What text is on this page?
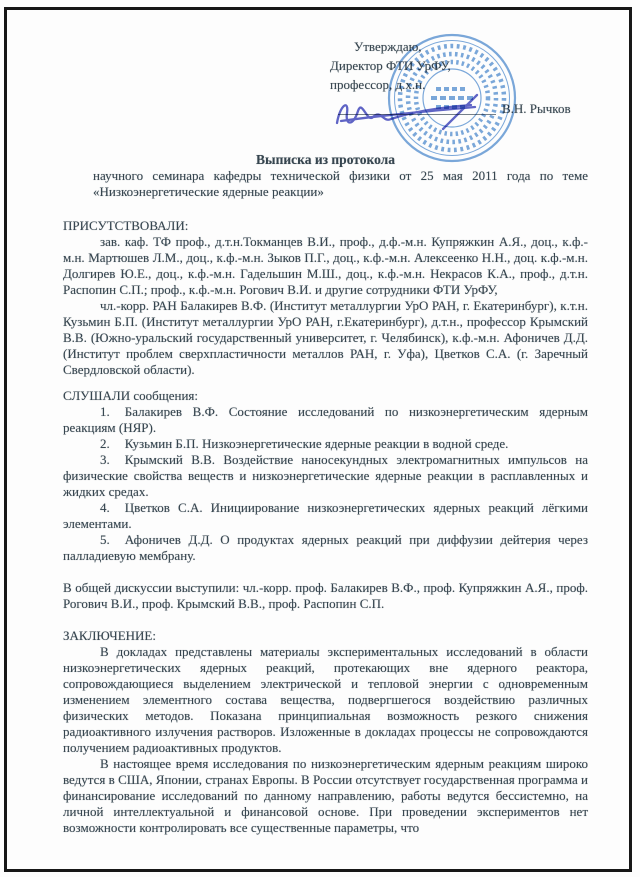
Утверждаю,
Директор ФТИ УрФУ,
профессор, д.х.н.
В.Н. Рычков

Выписка из протокола

научного семинара кафедры технической физики от 25 мая 2011 года по теме «Низкоэнергетические ядерные реакции»

ПРИСУТСТВОВАЛИ:

зав. каф. ТФ проф., д.т.н.Токманцев В.И., проф., д.ф.-м.н. Купряжкин А.Я., доц., к.ф.-м.н. Мартюшев Л.М., доц., к.ф.-м.н. Зыков П.Г., доц., к.ф.-м.н. Алексеенко Н.Н., доц. к.ф.-м.н. Долгирев Ю.Е., доц., к.ф.-м.н. Гадельшин М.Ш., доц., к.ф.-м.н. Некрасов К.А., проф., д.т.н. Распопин С.П.; проф., к.ф.-м.н. Рогович В.И. и другие сотрудники ФТИ УрФУ,

чл.-корр. РАН Балакирев В.Ф. (Институт металлургии УрО РАН, г. Екатеринбург), к.т.н. Кузьмин Б.П. (Институт металлургии УрО РАН, г.Екатеринбург), д.т.н., профессор Крымский В.В. (Южно-уральский государственный университет, г. Челябинск), к.ф.-м.н. Афоничев Д.Д. (Институт проблем сверхпластичности металлов РАН, г. Уфа), Цветков С.А. (г. Заречный Свердловской области).

СЛУШАЛИ сообщения:

1. Балакирев В.Ф. Состояние исследований по низкоэнергетическим ядерным реакциям (НЯР).

2. Кузьмин Б.П. Низкоэнергетические ядерные реакции в водной среде.

3. Крымский В.В. Воздействие наносекундных электромагнитных импульсов на физические свойства веществ и низкоэнергетические ядерные реакции в расплавленных и жидких средах.

4. Цветков С.А. Инициирование низкоэнергетических ядерных реакций лёгкими элементами.

5. Афоничев Д.Д. О продуктах ядерных реакций при диффузии дейтерия через палладиевую мембрану.

В общей дискуссии выступили: чл.-корр. проф. Балакирев В.Ф., проф. Купряжкин А.Я., проф. Рогович В.И., проф. Крымский В.В., проф. Распопин С.П.

ЗАКЛЮЧЕНИЕ:

В докладах представлены материалы экспериментальных исследований в области низкоэнергетических ядерных реакций, протекающих вне ядерного реактора, сопровождающиеся выделением электрической и тепловой энергии с одновременным изменением элементного состава вещества, подвергшегося воздействию различных физических методов. Показана принципиальная возможность резкого снижения радиоактивного излучения растворов. Изложенные в докладах процессы не сопровождаются получением радиоактивных продуктов.

В настоящее время исследования по низкоэнергетическим ядерным реакциям широко ведутся в США, Японии, странах Европы. В России отсутствует государственная программа и финансирование исследований по данному направлению, работы ведутся бессистемно, на личной интеллектуальной и финансовой основе. При проведении экспериментов нет возможности контролировать все существенные параметры, что
